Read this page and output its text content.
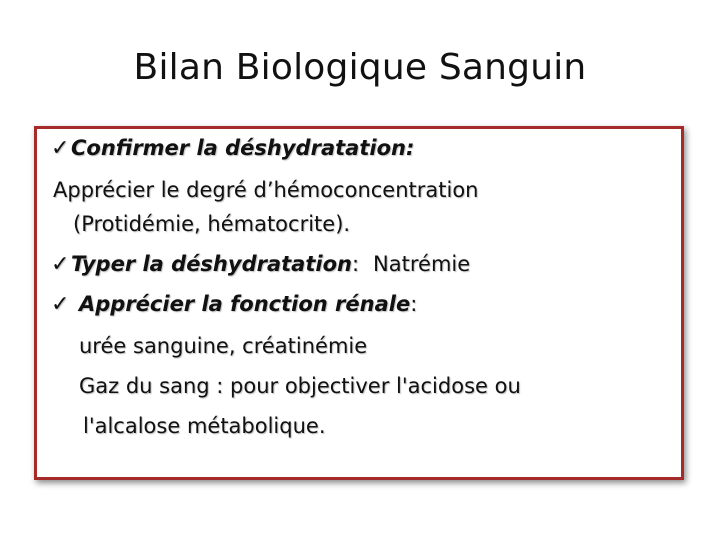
Bilan Biologique Sanguin
✓Confirmer la déshydratation:
Apprécier le degré d’hémoconcentration
(Protidémie, hématocrite).
✓Typer la déshydratation: Natrémie
✓ Apprécier la fonction rénale:
urée sanguine, créatinémie
Gaz du sang : pour objectiver l'acidose ou
l'alcalose métabolique.
